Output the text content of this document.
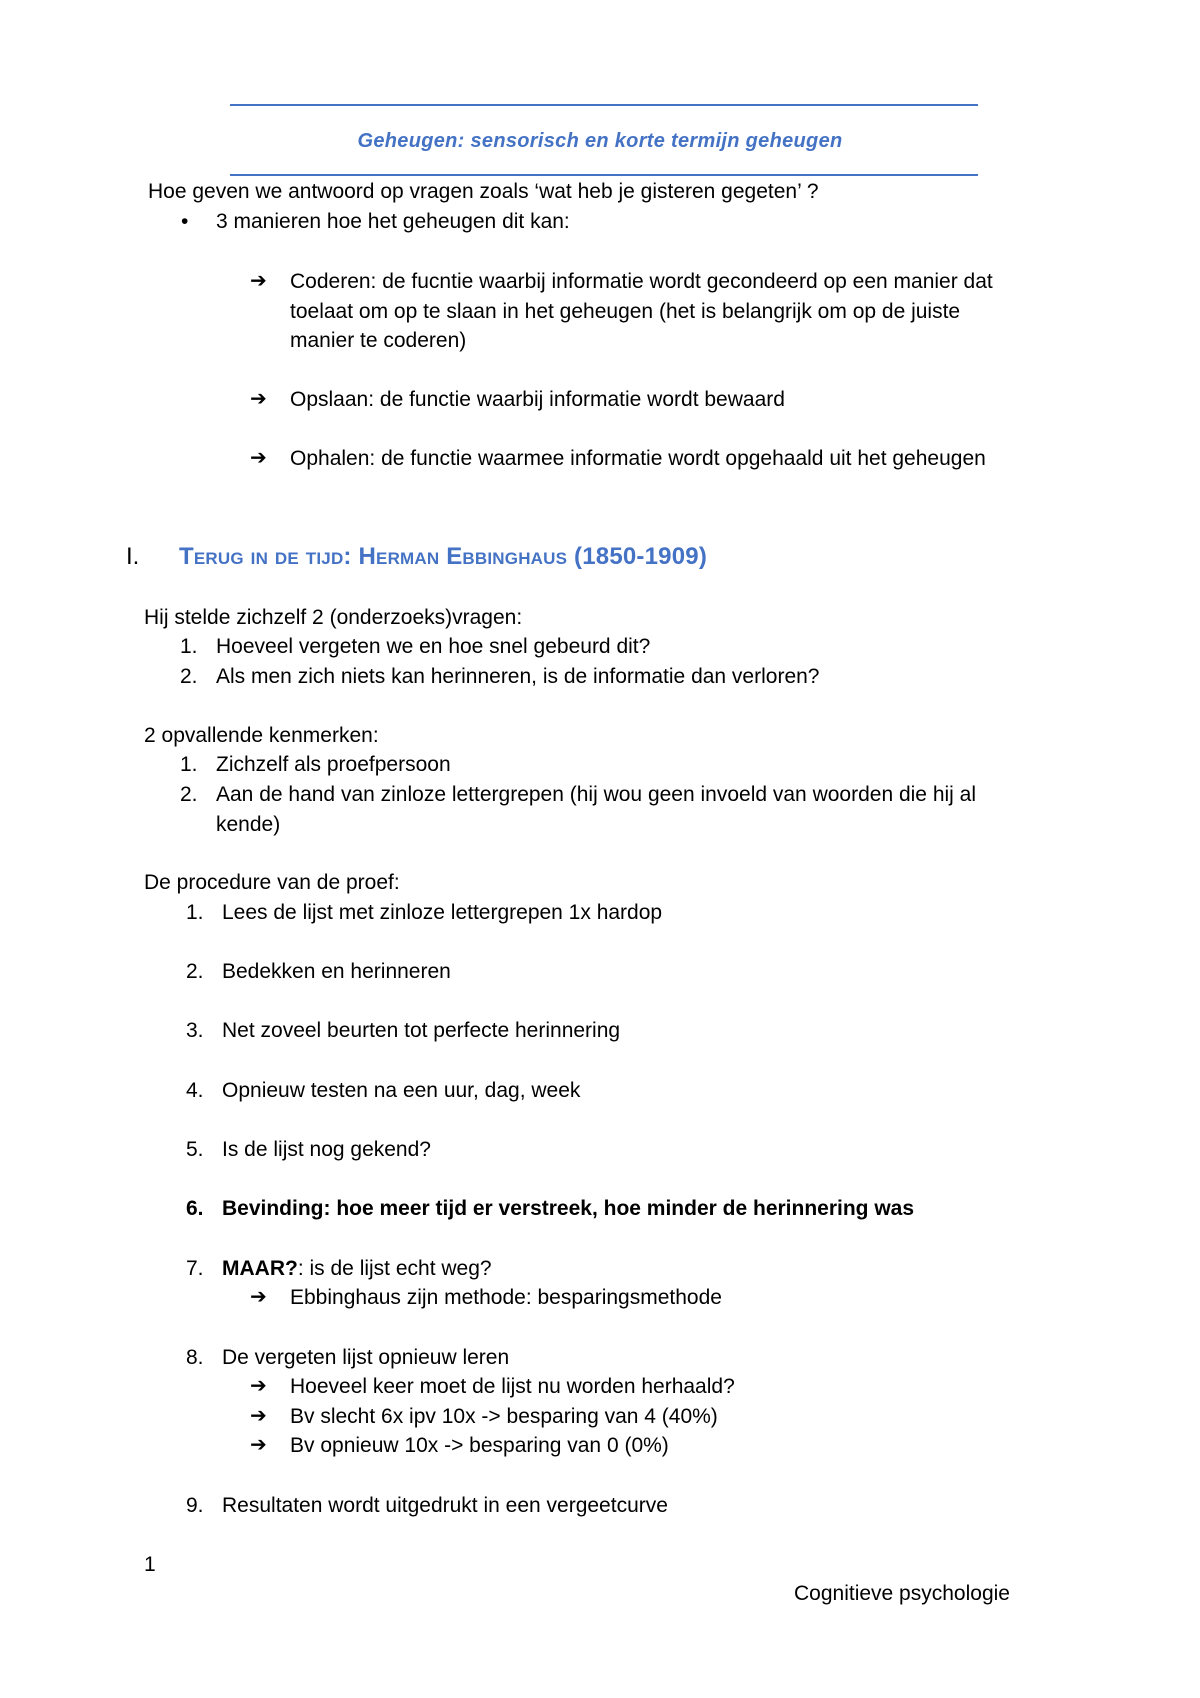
Geheugen: sensorisch en korte termijn geheugen
Hoe geven we antwoord op vragen zoals ‘wat heb je gisteren gegeten’ ?
• 3 manieren hoe het geheugen dit kan:
➔ Coderen: de fucntie waarbij informatie wordt gecondeerd op een manier dat
toelaat om op te slaan in het geheugen (het is belangrijk om op de juiste
manier te coderen)
➔ Opslaan: de functie waarbij informatie wordt bewaard
➔ Ophalen: de functie waarmee informatie wordt opgehaald uit het geheugen
I. Terug in de tijd: Herman Ebbinghaus (1850-1909)
Hij stelde zichzelf 2 (onderzoeks)vragen:
1. Hoeveel vergeten we en hoe snel gebeurd dit?
2. Als men zich niets kan herinneren, is de informatie dan verloren?
2 opvallende kenmerken:
1. Zichzelf als proefpersoon
2. Aan de hand van zinloze lettergrepen (hij wou geen invoeld van woorden die hij al
kende)
De procedure van de proef:
1. Lees de lijst met zinloze lettergrepen 1x hardop
2. Bedekken en herinneren
3. Net zoveel beurten tot perfecte herinnering
4. Opnieuw testen na een uur, dag, week
5. Is de lijst nog gekend?
6. Bevinding: hoe meer tijd er verstreek, hoe minder de herinnering was
7. MAAR?: is de lijst echt weg?
➔ Ebbinghaus zijn methode: besparingsmethode
8. De vergeten lijst opnieuw leren
➔ Hoeveel keer moet de lijst nu worden herhaald?
➔ Bv slecht 6x ipv 10x -> besparing van 4 (40%)
➔ Bv opnieuw 10x -> besparing van 0 (0%)
9. Resultaten wordt uitgedrukt in een vergeetcurve
1
Cognitieve psychologie
